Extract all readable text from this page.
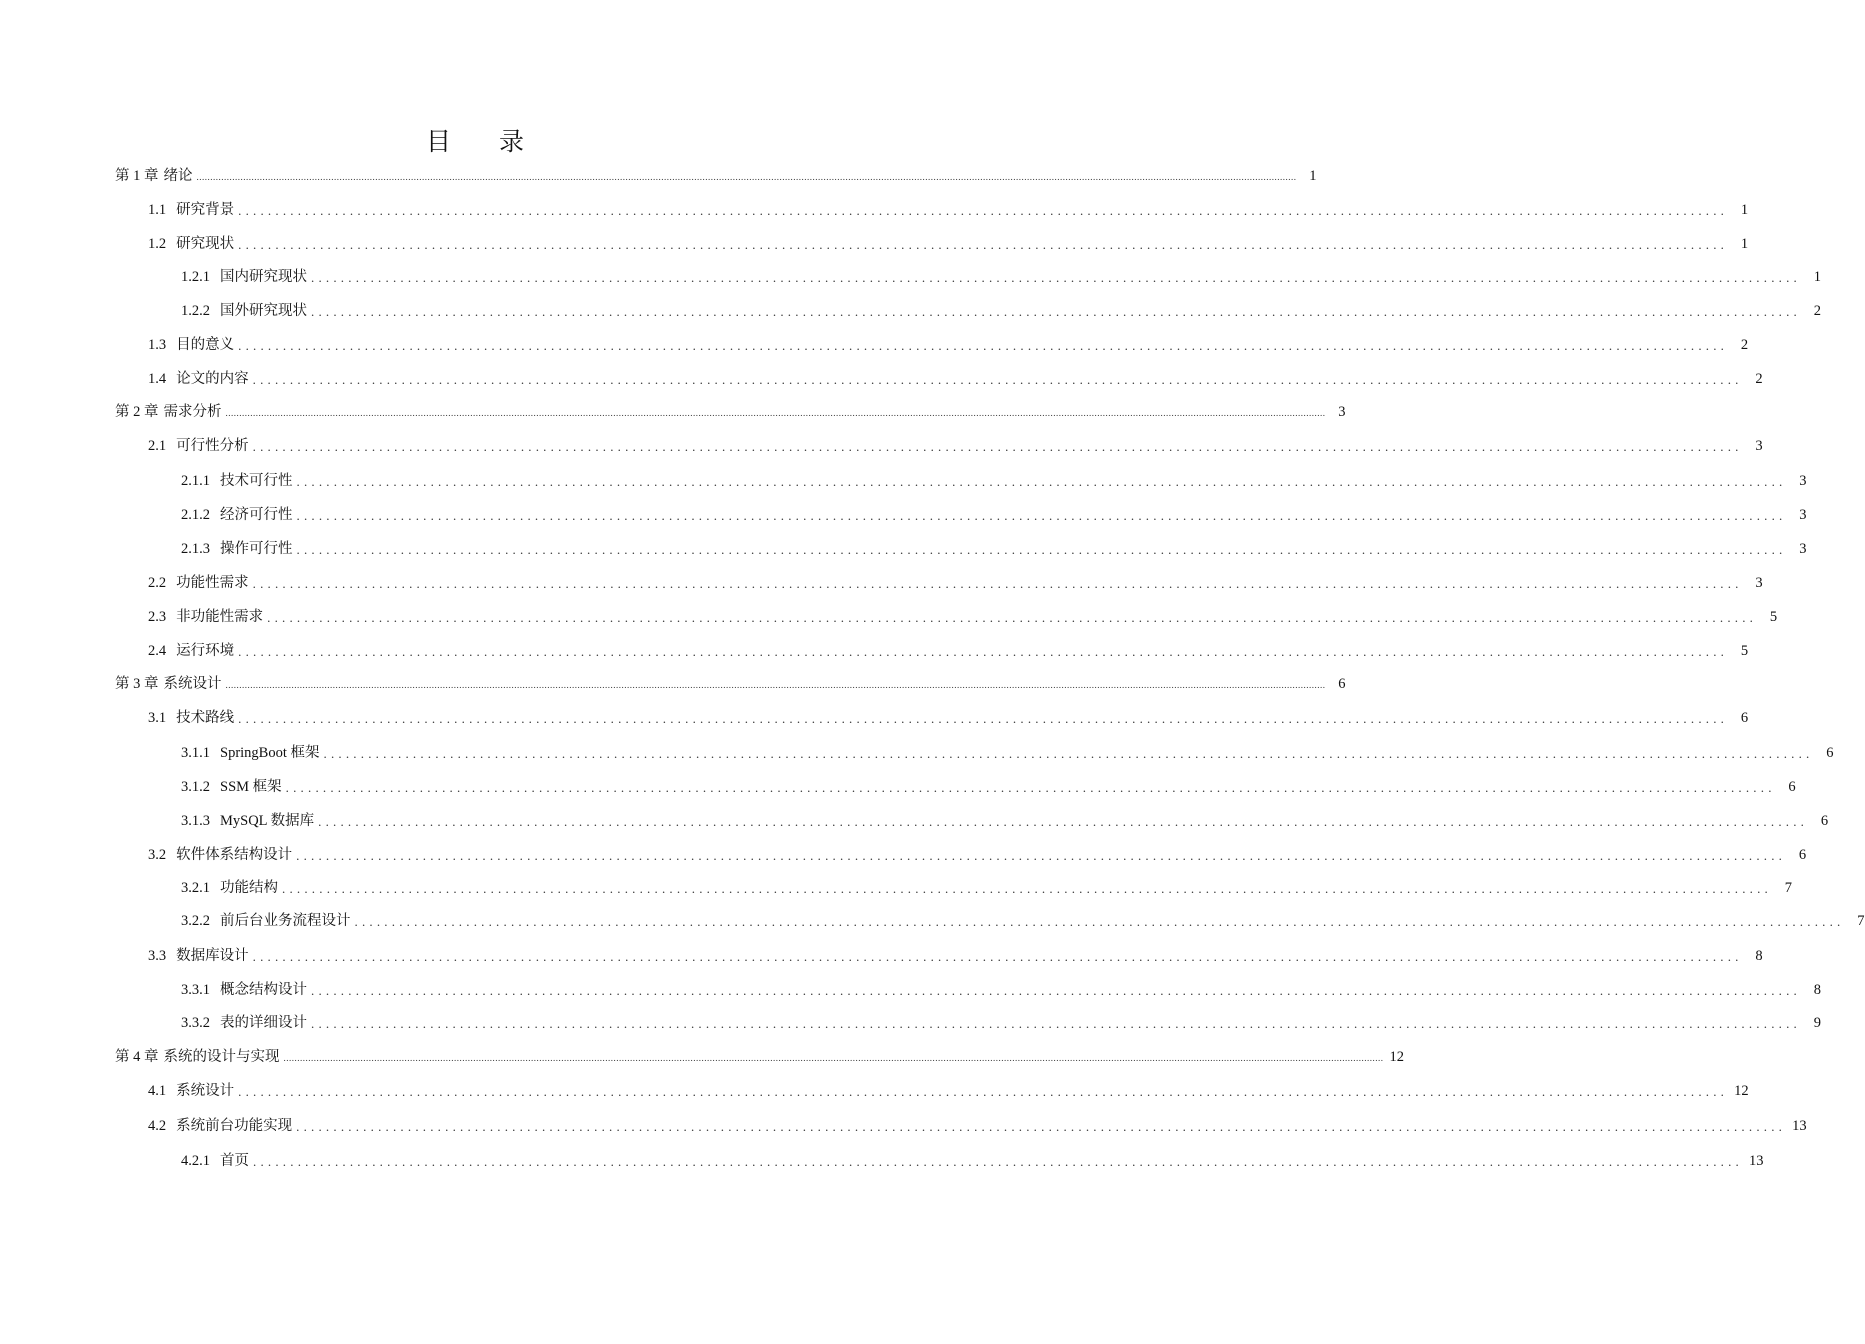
目 录
第 1 章 绪论 ................................................................................................................................................................................................................................................................................................................................................................................................................ 1
1.1 研究背景 ........................................................................................................................................................................................................ 1
1.2 研究现状 ........................................................................................................................................................................................................ 1
1.2.1 国内研究现状 ........................................................................................................................................................................................................ 1
1.2.2 国外研究现状 ........................................................................................................................................................................................................ 2
1.3 目的意义 ........................................................................................................................................................................................................ 2
1.4 论文的内容 ........................................................................................................................................................................................................ 2
第 2 章 需求分析 ................................................................................................................................................................................................................................................................................................................................................................................................................ 3
2.1 可行性分析 ........................................................................................................................................................................................................ 3
2.1.1 技术可行性 ........................................................................................................................................................................................................ 3
2.1.2 经济可行性 ........................................................................................................................................................................................................ 3
2.1.3 操作可行性 ........................................................................................................................................................................................................ 3
2.2 功能性需求 ........................................................................................................................................................................................................ 3
2.3 非功能性需求 ........................................................................................................................................................................................................ 5
2.4 运行环境 ........................................................................................................................................................................................................ 5
第 3 章 系统设计 ................................................................................................................................................................................................................................................................................................................................................................................................................ 6
3.1 技术路线 ........................................................................................................................................................................................................ 6
3.1.1 SpringBoot 框架 ........................................................................................................................................................................................................ 6
3.1.2 SSM 框架 ........................................................................................................................................................................................................ 6
3.1.3 MySQL 数据库 ........................................................................................................................................................................................................ 6
3.2 软件体系结构设计 ........................................................................................................................................................................................................ 6
3.2.1 功能结构 ........................................................................................................................................................................................................ 7
3.2.2 前后台业务流程设计 ........................................................................................................................................................................................................ 7
3.3 数据库设计 ........................................................................................................................................................................................................ 8
3.3.1 概念结构设计 ........................................................................................................................................................................................................ 8
3.3.2 表的详细设计 ........................................................................................................................................................................................................ 9
第 4 章 系统的设计与实现 ................................................................................................................................................................................................................................................................................................................................................................................................................ 12
4.1 系统设计 ........................................................................................................................................................................................................ 12
4.2 系统前台功能实现 ........................................................................................................................................................................................................ 13
4.2.1 首页 ........................................................................................................................................................................................................ 13
